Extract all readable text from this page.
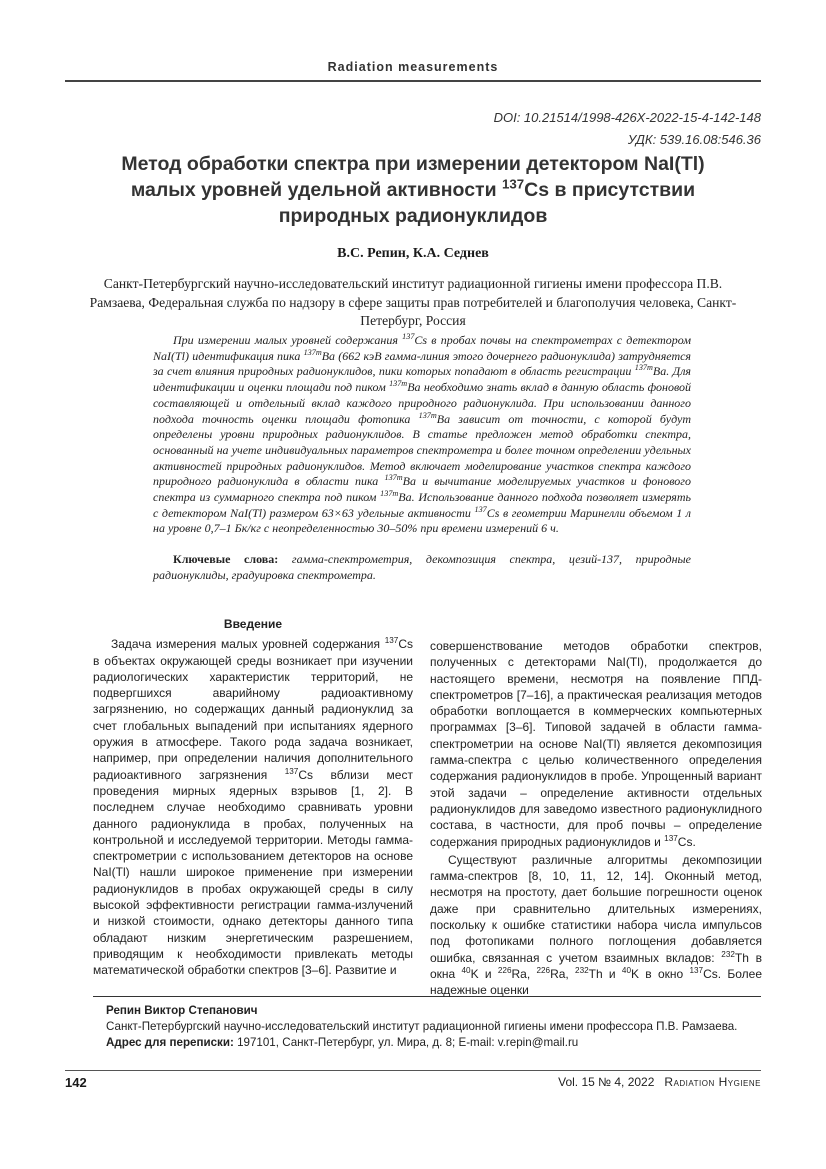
Radiation measurements
DOI: 10.21514/1998-426X-2022-15-4-142-148
УДК: 539.16.08:546.36
Метод обработки спектра при измерении детектором NaI(Tl)
малых уровней удельной активности $^{137}$Cs в присутствии
природных радионуклидов
В.С. Репин, К.А. Седнев
Санкт-Петербургский научно-исследовательский институт радиационной гигиены имени профессора П.В. Рамзаева, Федеральная служба по надзору в сфере защиты прав потребителей и благополучия человека, Санкт-Петербург, Россия
При измерении малых уровней содержания $^{137}$Cs в пробах почвы на спектрометрах с детектором NaI(Tl) идентификация пика $^{137m}$Ba (662 кэВ гамма-линия этого дочернего радионуклида) затрудняется за счет влияния природных радионуклидов, пики которых попадают в область регистрации $^{137m}$Ba. Для идентификации и оценки площади под пиком $^{137m}$Ba необходимо знать вклад в данную область фоновой составляющей и отдельный вклад каждого природного радионуклида. При использовании данного подхода точность оценки площади фотопика $^{137m}$Ba зависит от точности, с которой будут определены уровни природных радионуклидов. В статье предложен метод обработки спектра, основанный на учете индивидуальных параметров спектрометра и более точном определении удельных активностей природных радионуклидов. Метод включает моделирование участков спектра каждого природного радионуклида в области пика $^{137m}$Ba и вычитание моделируемых участков и фонового спектра из суммарного спектра под пиком $^{137m}$Ba. Использование данного подхода позволяет измерять с детектором NaI(Tl) размером 63×63 удельные активности $^{137}$Cs в геометрии Маринелли объемом 1 л на уровне 0,7–1 Бк/кг с неопределенностью 30–50% при времени измерений 6 ч.
Ключевые слова: гамма-спектрометрия, декомпозиция спектра, цезий-137, природные радионуклиды, градуировка спектрометра.
Введение

Задача измерения малых уровней содержания $^{137}$Cs в объектах окружающей среды возникает при изучении радиологических характеристик территорий, не подвергшихся аварийному радиоактивному загрязнению, но содержащих данный радионуклид за счет глобальных выпадений при испытаниях ядерного оружия в атмосфере. Такого рода задача возникает, например, при определении наличия дополнительного радиоактивного загрязнения $^{137}$Cs вблизи мест проведения мирных ядерных взрывов [1, 2]. В последнем случае необходимо сравнивать уровни данного радионуклида в пробах, полученных на контрольной и исследуемой территории. Методы гамма-спектрометрии с использованием детекторов на основе NaI(Tl) нашли широкое применение при измерении радионуклидов в пробах окружающей среды в силу высокой эффективности регистрации гамма-излучений и низкой стоимости, однако детекторы данного типа обладают низким энергетическим разрешением, приводящим к необходимости привлекать методы математической обработки спектров [3–6]. Развитие и

Репин Виктор Степанович
Санкт-Петербургский научно-исследовательский институт радиационной гигиены имени профессора П.В. Рамзаева.
Адрес для переписки: 197101, Санкт-Петербург, ул. Мира, д. 8; E-mail: v.repin@mail.ru
142	Vol. 15 № 4, 2022 Radiation Hygiene

совершенствование методов обработки спектров, полученных с детекторами NaI(Tl), продолжается до настоящего времени, несмотря на появление ППД-спектрометров [7–16], а практическая реализация методов обработки воплощается в коммерческих компьютерных программах [3–6]. Типовой задачей в области гамма-спектрометрии на основе NaI(Tl) является декомпозиция гамма-спектра с целью количественного определения содержания радионуклидов в пробе. Упрощенный вариант этой задачи – определение активности отдельных радионуклидов для заведомо известного радионуклидного состава, в частности, для проб почвы – определение содержания природных радионуклидов и $^{137}$Cs.

Существуют различные алгоритмы декомпозиции гамма-спектров [8, 10, 11, 12, 14]. Оконный метод, несмотря на простоту, дает большие погрешности оценок даже при сравнительно длительных измерениях, поскольку к ошибке статистики набора числа импульсов под фотопиками полного поглощения добавляется ошибка, связанная с учетом взаимных вкладов: $^{232}$Th в окна $^{40}$K и $^{226}$Ra, $^{226}$Ra, $^{232}$Th и $^{40}$K в окно $^{137}$Cs. Более надежные оценки
